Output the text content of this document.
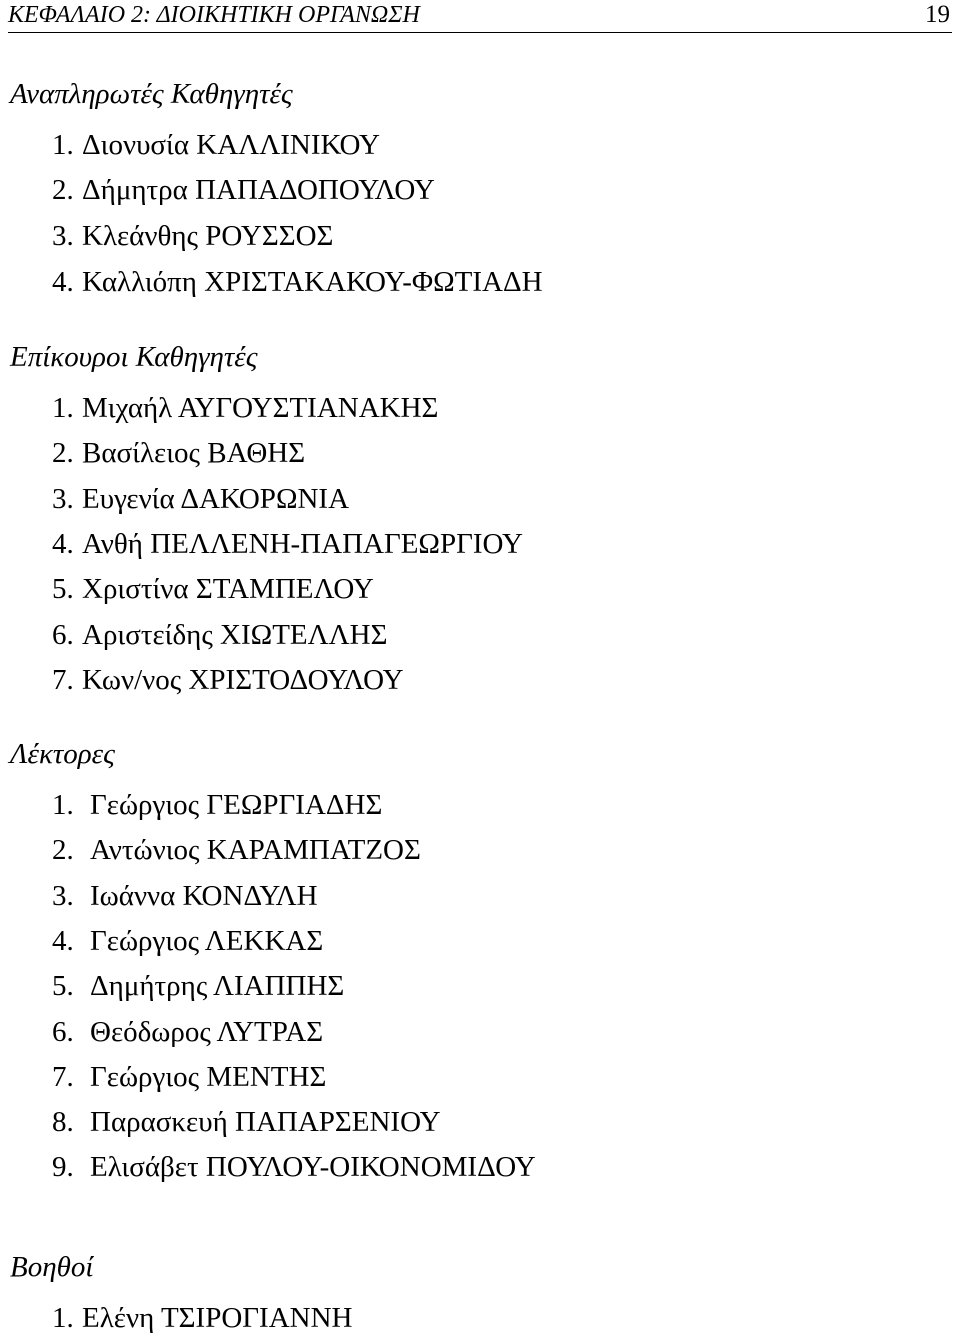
ΚΕΦΑΛΑΙΟ 2: ΔΙΟΙΚΗΤΙΚΗ ΟΡΓΑΝΩΣΗ	19
Αναπληρωτές Καθηγητές
1. Διονυσία ΚΑΛΛΙΝΙΚΟΥ
2. Δήμητρα ΠΑΠΑΔΟΠΟΥΛΟΥ
3. Κλεάνθης ΡΟΥΣΣΟΣ
4. Καλλιόπη ΧΡΙΣΤΑΚΑΚΟΥ-ΦΩΤΙΑΔΗ
Επίκουροι Καθηγητές
1. Μιχαήλ ΑΥΓΟΥΣΤΙΑΝΑΚΗΣ
2. Βασίλειος ΒΑΘΗΣ
3. Ευγενία ΔΑΚΟΡΩΝΙΑ
4. Ανθή ΠΕΛΛΕΝΗ-ΠΑΠΑΓΕΩΡΓΙΟΥ
5. Χριστίνα ΣΤΑΜΠΕΛΟΥ
6. Αριστείδης ΧΙΩΤΕΛΛΗΣ
7. Κων/νος ΧΡΙΣΤΟΔΟΥΛΟΥ
Λέκτορες
1. Γεώργιος ΓΕΩΡΓΙΑΔΗΣ
2. Αντώνιος ΚΑΡΑΜΠΑΤΖΟΣ
3. Ιωάννα ΚΟΝΔΥΛΗ
4. Γεώργιος ΛΕΚΚΑΣ
5. Δημήτρης ΛΙΑΠΠΗΣ
6. Θεόδωρος ΛΥΤΡΑΣ
7. Γεώργιος ΜΕΝΤΗΣ
8. Παρασκευή ΠΑΠΑΡΣΕΝΙΟΥ
9. Ελισάβετ ΠΟΥΛΟΥ-ΟΙΚΟΝΟΜΙΔΟΥ
Βοηθοί
1. Ελένη ΤΣΙΡΟΓΙΑΝΝΗ
